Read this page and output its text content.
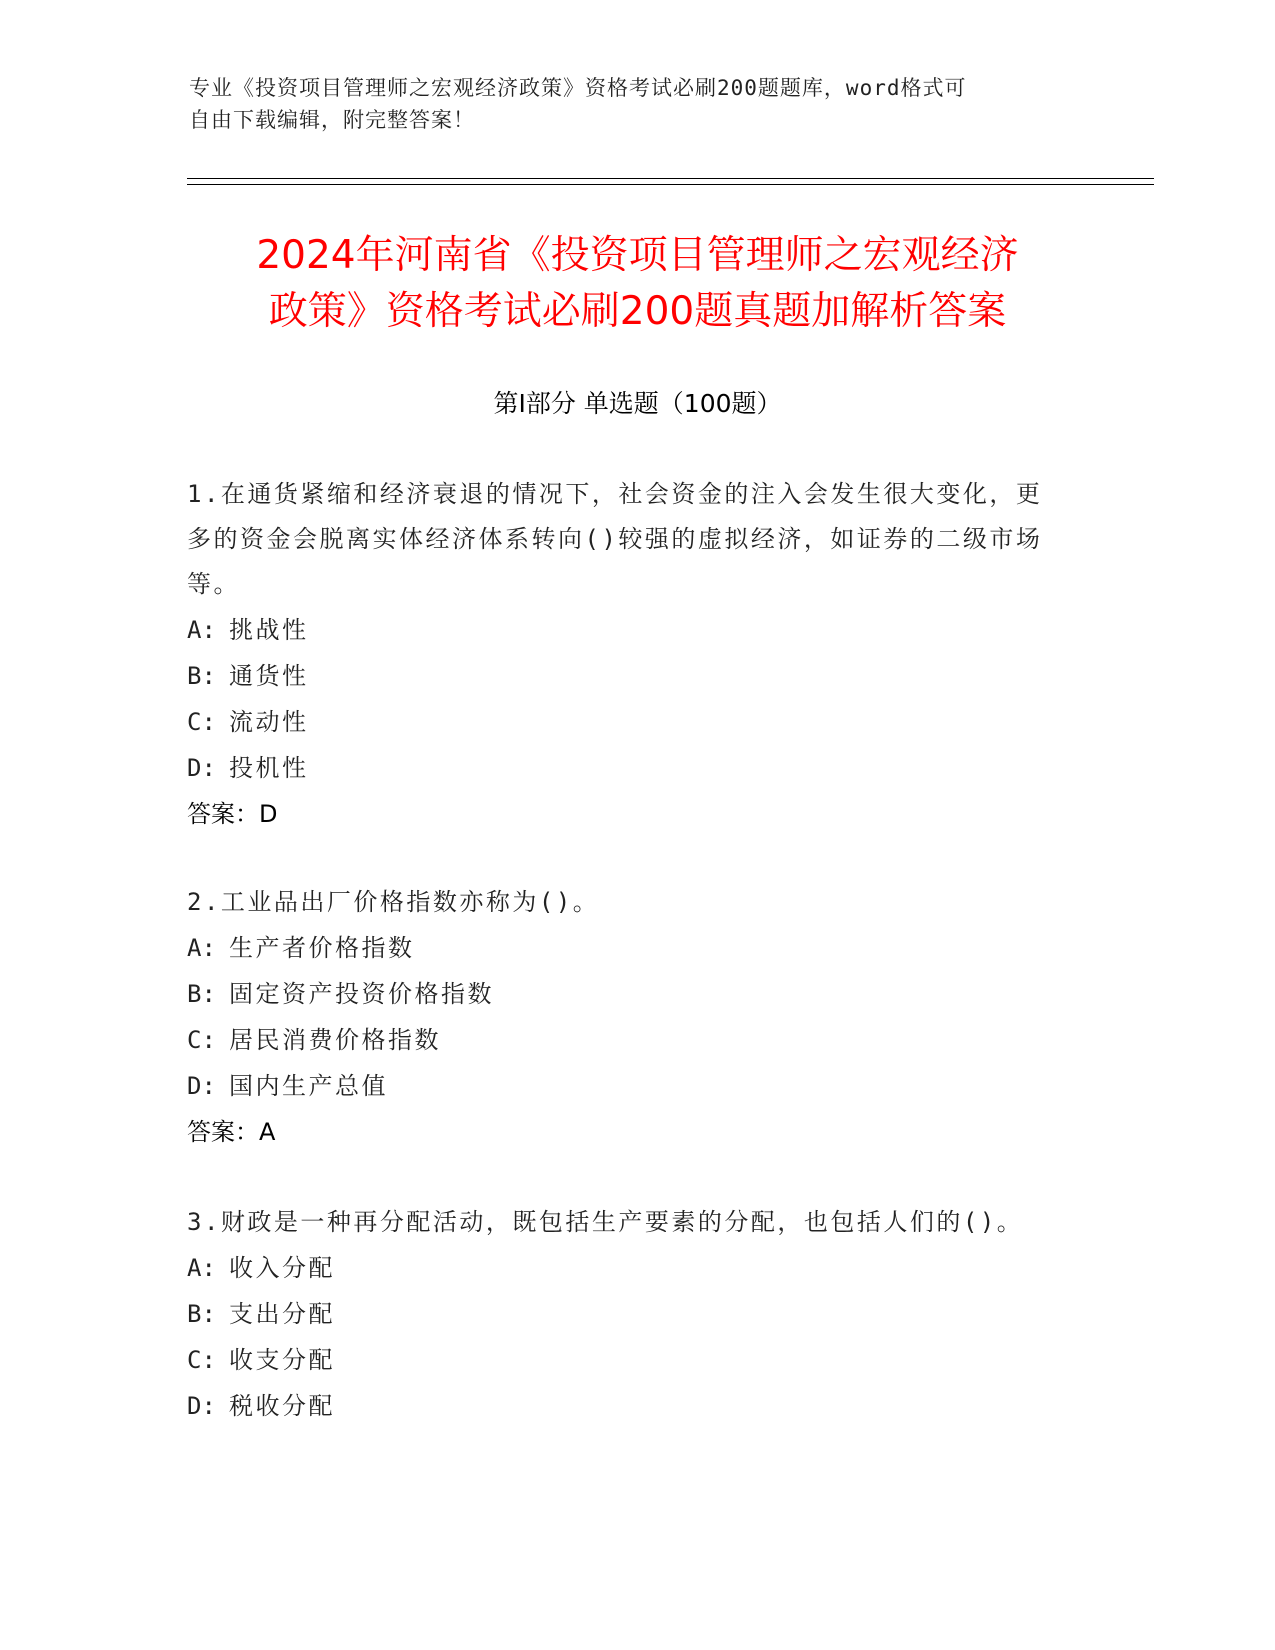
专业《投资项目管理师之宏观经济政策》资格考试必刷200题题库，word格式可
自由下载编辑，附完整答案！
2024年河南省《投资项目管理师之宏观经济
政策》资格考试必刷200题真题加解析答案
第I部分 单选题（100题）

1.在通货紧缩和经济衰退的情况下，社会资金的注入会发生很大变化，更多的资金会脱离实体经济体系转向()较强的虚拟经济，如证券的二级市场等。

A: 挑战性
B: 通货性
C: 流动性
D: 投机性
答案：D

2.工业品出厂价格指数亦称为()。

A: 生产者价格指数
B: 固定资产投资价格指数
C: 居民消费价格指数
D: 国内生产总值
答案：A

3.财政是一种再分配活动，既包括生产要素的分配，也包括人们的()。

A: 收入分配
B: 支出分配
C: 收支分配
D: 税收分配
